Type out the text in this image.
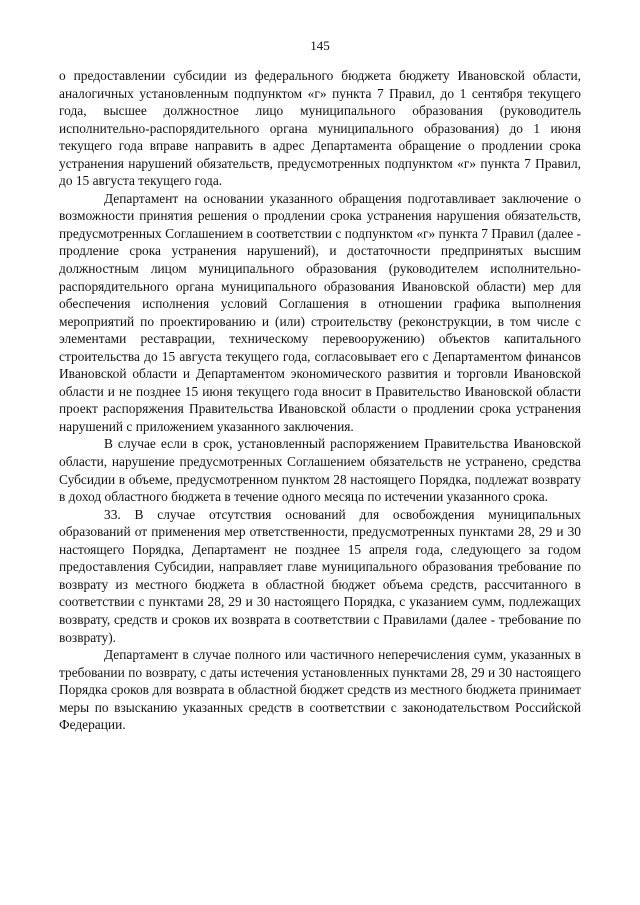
145

о предоставлении субсидии из федерального бюджета бюджету Ивановской области, аналогичных установленным подпунктом «г» пункта 7 Правил, до 1 сентября текущего года, высшее должностное лицо муниципального образования (руководитель исполнительно-распорядительного органа муниципального образования) до 1 июня текущего года вправе направить в адрес Департамента обращение о продлении срока устранения нарушений обязательств, предусмотренных подпунктом «г» пункта 7 Правил, до 15 августа текущего года.

Департамент на основании указанного обращения подготавливает заключение о возможности принятия решения о продлении срока устранения нарушения обязательств, предусмотренных Соглашением в соответствии с подпунктом «г» пункта 7 Правил (далее - продление срока устранения нарушений), и достаточности предпринятых высшим должностным лицом муниципального образования (руководителем исполнительно-распорядительного органа муниципального образования Ивановской области) мер для обеспечения исполнения условий Соглашения в отношении графика выполнения мероприятий по проектированию и (или) строительству (реконструкции, в том числе с элементами реставрации, техническому перевооружению) объектов капитального строительства до 15 августа текущего года, согласовывает его с Департаментом финансов Ивановской области и Департаментом экономического развития и торговли Ивановской области и не позднее 15 июня текущего года вносит в Правительство Ивановской области проект распоряжения Правительства Ивановской области о продлении срока устранения нарушений с приложением указанного заключения.

В случае если в срок, установленный распоряжением Правительства Ивановской области, нарушение предусмотренных Соглашением обязательств не устранено, средства Субсидии в объеме, предусмотренном пунктом 28 настоящего Порядка, подлежат возврату в доход областного бюджета в течение одного месяца по истечении указанного срока.

33. В случае отсутствия оснований для освобождения муниципальных образований от применения мер ответственности, предусмотренных пунктами 28, 29 и 30 настоящего Порядка, Департамент не позднее 15 апреля года, следующего за годом предоставления Субсидии, направляет главе муниципального образования требование по возврату из местного бюджета в областной бюджет объема средств, рассчитанного в соответствии с пунктами 28, 29 и 30 настоящего Порядка, с указанием сумм, подлежащих возврату, средств и сроков их возврата в соответствии с Правилами (далее - требование по возврату).

Департамент в случае полного или частичного неперечисления сумм, указанных в требовании по возврату, с даты истечения установленных пунктами 28, 29 и 30 настоящего Порядка сроков для возврата в областной бюджет средств из местного бюджета принимает меры по взысканию указанных средств в соответствии с законодательством Российской Федерации.
